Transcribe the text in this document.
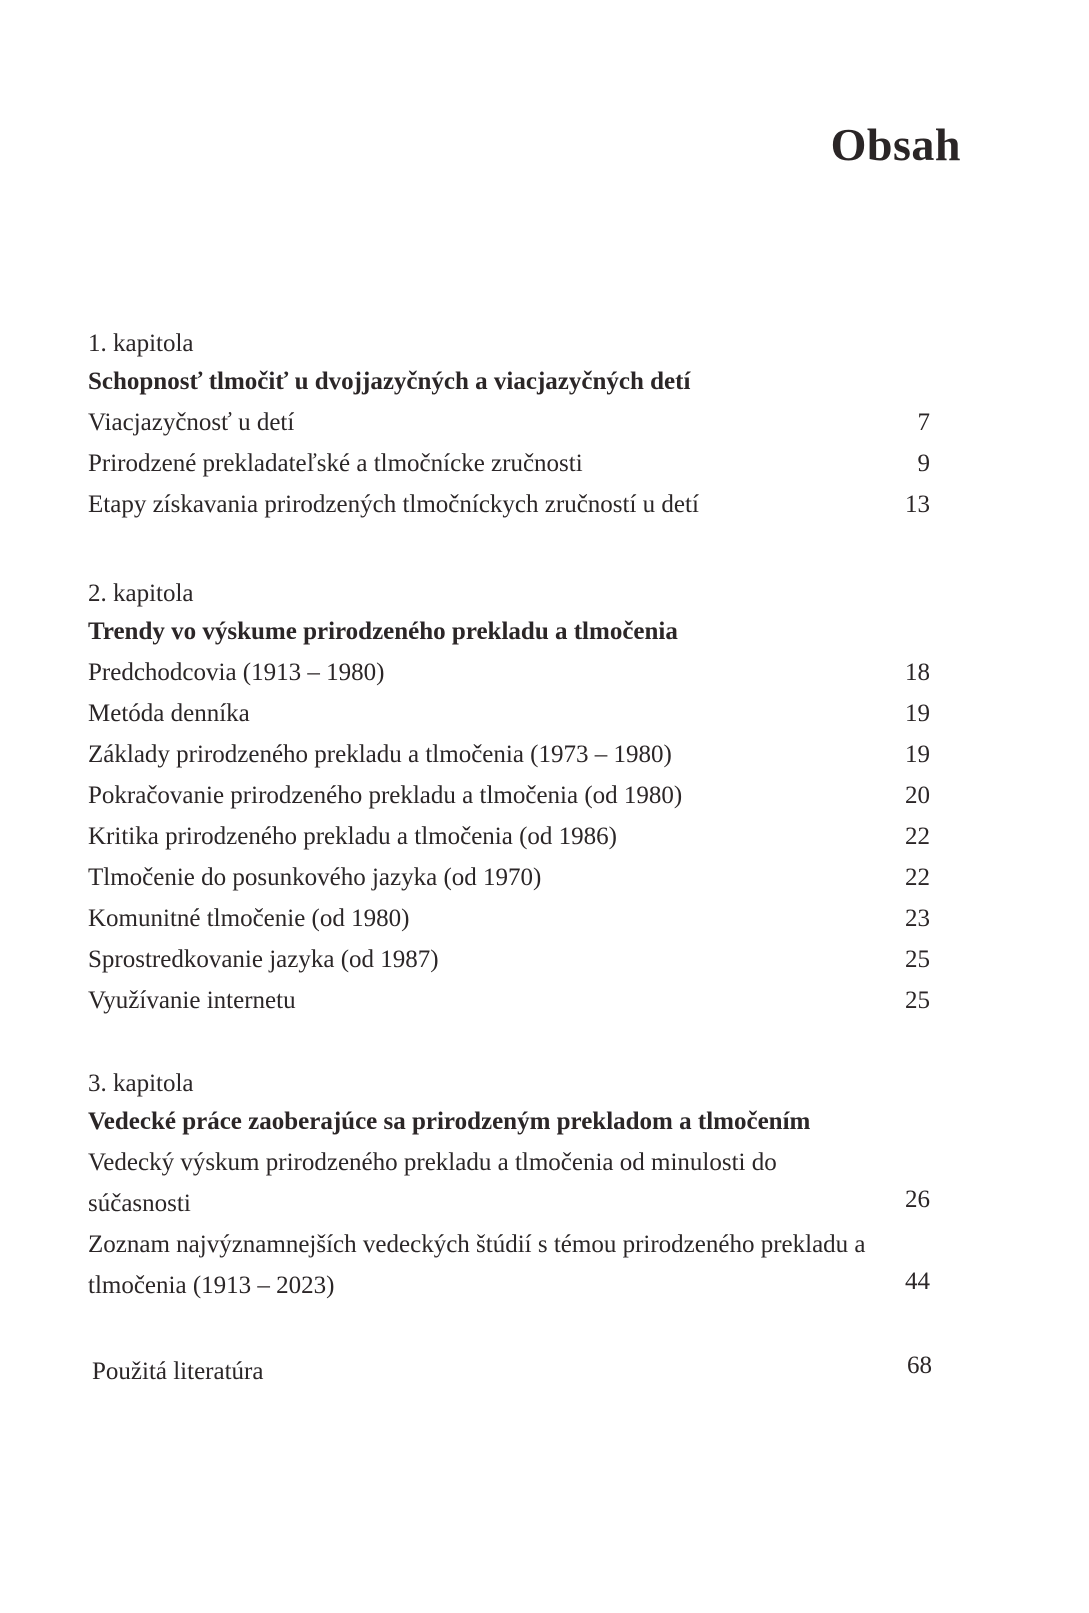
Obsah
1. kapitola
Schopnosť tlmočiť u dvojjazyčných a viacjazyčných detí
Viacjazyčnosť u detí	7
Prirodzené prekladateľské a tlmočnícke zručnosti	9
Etapy získavania prirodzených tlmočníckych zručností u detí	13
2. kapitola
Trendy vo výskume prirodzeného prekladu a tlmočenia
Predchodcovia (1913 – 1980)	18
Metóda denníka	19
Základy prirodzeného prekladu a tlmočenia (1973 – 1980)	19
Pokračovanie prirodzeného prekladu a tlmočenia (od 1980)	20
Kritika prirodzeného prekladu a tlmočenia (od 1986)	22
Tlmočenie do posunkového jazyka (od 1970)	22
Komunitné tlmočenie (od 1980)	23
Sprostredkovanie jazyka (od 1987)	25
Využívanie internetu	25
3. kapitola
Vedecké práce zaoberajúce sa prirodzeným prekladom a tlmočením
Vedecký výskum prirodzeného prekladu a tlmočenia od minulosti do súčasnosti	26
Zoznam najvýznamnejších vedeckých štúdií s témou prirodzeného prekladu a tlmočenia (1913 – 2023)	44
Použitá literatúra	68
